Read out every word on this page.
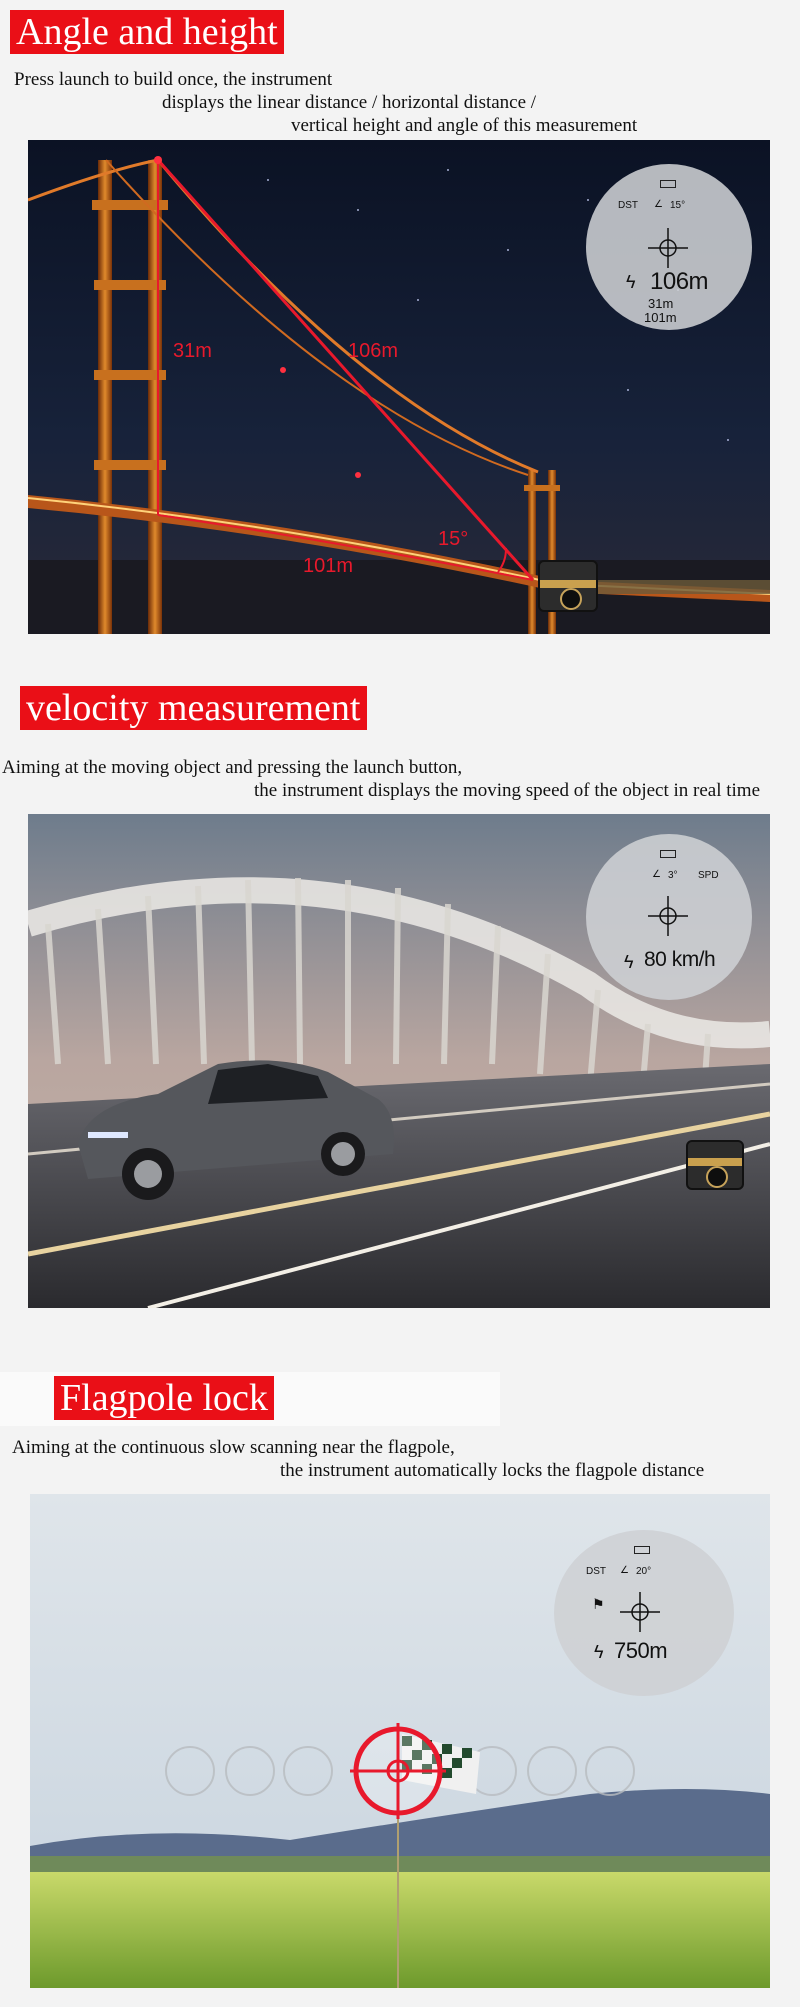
Angle and height
Press launch to build once, the instrument
displays the linear distance / horizontal distance /
vertical height and angle of this measurement
31m	106m
101m
15°
DST ∠ 15°
ϟ 106m
31m
101m
velocity measurement
Aiming at the moving object and pressing the launch button,
the instrument displays the moving speed of the object in real time
∠ 3° SPD
ϟ 80 km/h
Flagpole lock
Aiming at the continuous slow scanning near the flagpole,
the instrument automatically locks the flagpole distance
DST ∠ 20°
⚑
ϟ 750m
